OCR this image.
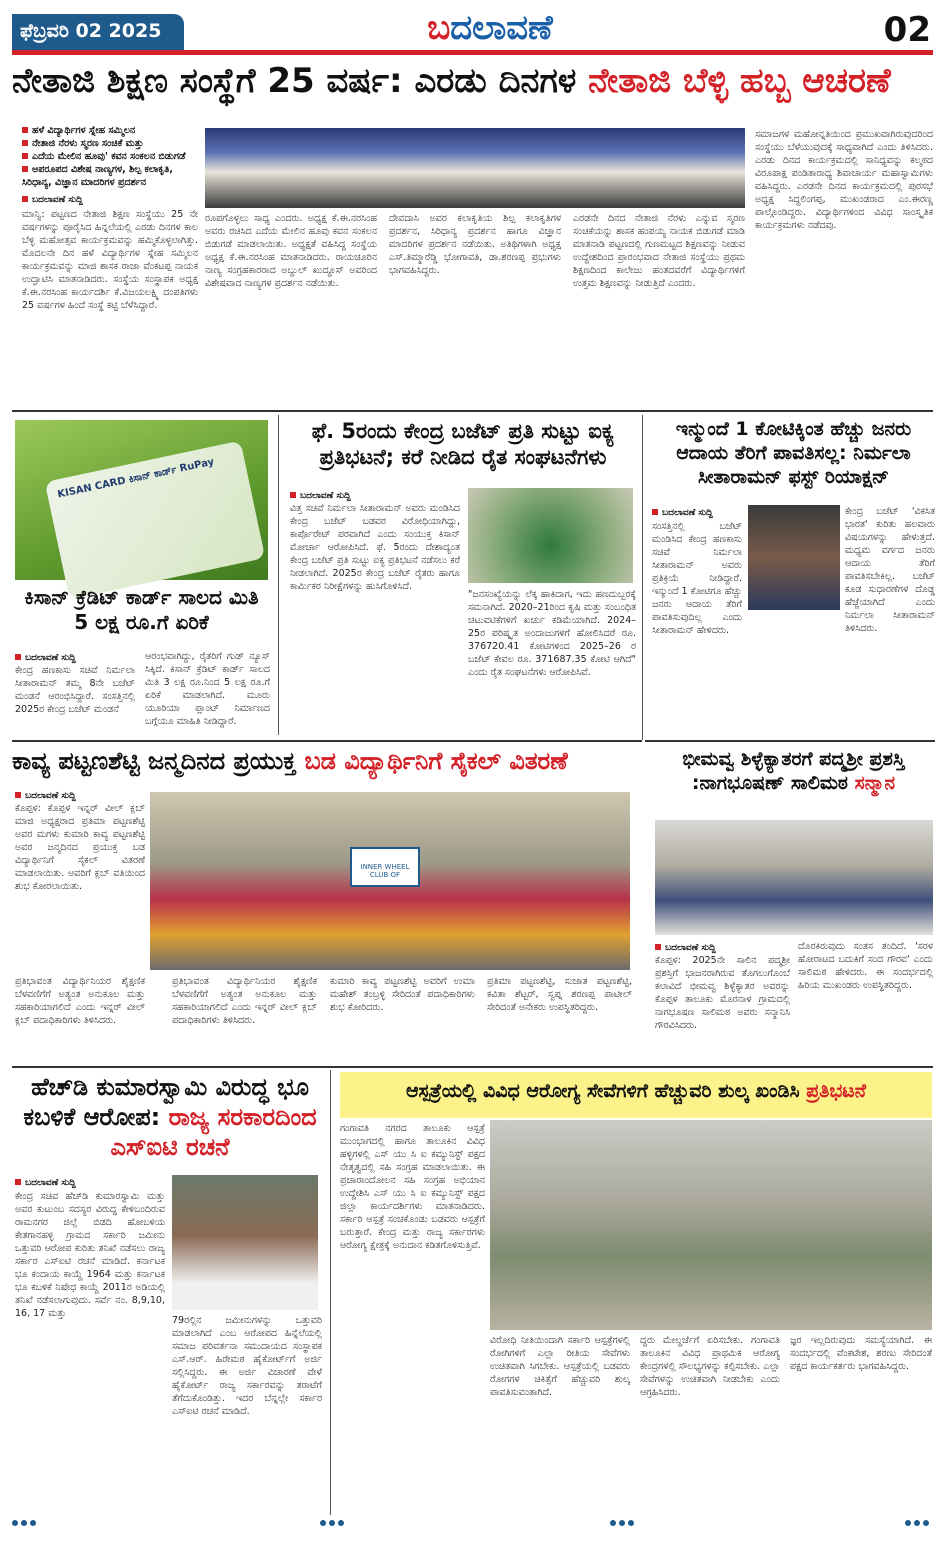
ಫೆಬ್ರವರಿ 02 2025	ಬದಲಾವಣೆ	02
ನೇತಾಜಿ ಶಿಕ್ಷಣ ಸಂಸ್ಥೆಗೆ 25 ವರ್ಷ: ಎರಡು ದಿನಗಳ ನೇತಾಜಿ ಬೆಳ್ಳಿ ಹಬ್ಬ ಆಚರಣೆ
ಹಳೆ ವಿದ್ಯಾರ್ಥಿಗಳ ಸ್ನೇಹ ಸಮ್ಮಿಲನ
ನೇತಾಜಿ ನೆರಳು ಸ್ಮರಣ ಸಂಚಿಕೆ ಮತ್ತು
ಎದೆಯ ಮೇಲಿನ ಹೂವು' ಕವನ ಸಂಕಲನ ಬಿಡುಗಡೆ
ಅಪರೂಪದ ವಿಶೇಷ ನಾಣ್ಯಗಳ, ಶಿಲ್ಪ ಕಲಾಕೃತಿ, ಸಿರಿಧಾನ್ಯ, ವಿಜ್ಞಾನ ಮಾದರಿಗಳ ಪ್ರದರ್ಶನ
ಬದಲಾವಣೆ ಸುದ್ದಿ
ಮಾನ್ವಿ: ಪಟ್ಟಣದ ನೇತಾಜಿ ಶಿಕ್ಷಣ ಸಂಸ್ಥೆಯು 25 ನೇ ವರ್ಷಗಳನ್ನು ಪೂರೈಸಿದ ಹಿನ್ನಲೆಯಲ್ಲಿ ಎರಡು ದಿನಗಳ ಕಾಲ ಬೆಳ್ಳಿ ಮಹೋತ್ಸವ ಕಾರ್ಯಕ್ರಮವನ್ನು ಹಮ್ಮಿಕೊಳ್ಳಲಾಗಿತ್ತು. ಮೊದಲನೇ ದಿನ ಹಳೆ ವಿದ್ಯಾರ್ಥಿಗಳ ಸ್ನೇಹ ಸಮ್ಮಿಲನ ಕಾರ್ಯಕ್ರಮವನ್ನು ಮಾಜಿ ಶಾಸಕ ರಾಜಾ ವೆಂಕಟಪ್ಪ ನಾಯಕ ಉದ್ಘಾಟಿಸಿ ಮಾತನಾಡಿದರು. ಸಂಸ್ಥೆಯ ಸಂಸ್ಥಾಪಕ ಅಧ್ಯಕ್ಷ ಕೆ.ಈ.ನರಸಿಂಹ ಕಾರ್ಯದರ್ಶಿ ಕೆ.ವಿಜಯಲಕ್ಷ್ಮಿ ದಂಪತಿಗಳು 25 ವರ್ಷಗಳ ಹಿಂದೆ ಸಂಸ್ಥೆ ಕಟ್ಟಿ ಬೆಳೆಸಿದ್ದಾರೆ.
ರೂಪಗೊಳ್ಳಲು ಸಾಧ್ಯ ಎಂದರು. ಅಧ್ಯಕ್ಷ ಕೆ.ಈ.ನರಸಿಂಹ ಅವರು ರಚಿಸಿದ ಎದೆಯ ಮೇಲಿನ ಹೂವು ಕವನ ಸಂಕಲನ ಬಿಡುಗಡೆ ಮಾಡಲಾಯಿತು. ಅಧ್ಯಕ್ಷತೆ ವಹಿಸಿದ್ದ ಸಂಸ್ಥೆಯ ಅಧ್ಯಕ್ಷ ಕೆ.ಈ.ನರಸಿಂಹ ಮಾತನಾಡಿದರು. ರಾಯಚೂರಿನ ನಾಣ್ಯ ಸಂಗ್ರಹಕಾರರಾದ ಅಬ್ದುಲ್ ಖುದ್ದೂಸ್ ಅವರಿಂದ ವಿಶೇಷವಾದ ನಾಣ್ಯಗಳ ಪ್ರದರ್ಶನ ನಡೆಯಿತು.
ದೇವದಾಸಿ ಅವರ ಕಲಾಕೃತಿಯ ಶಿಲ್ಪ ಕಲಾಕೃತಿಗಳ ಪ್ರದರ್ಶನ, ಸಿರಿಧಾನ್ಯ ಪ್ರದರ್ಶನ ಹಾಗೂ ವಿಜ್ಞಾನ ಮಾದರಿಗಳ ಪ್ರದರ್ಶನ ನಡೆಯಿತು. ಅತಿಥಿಗಳಾಗಿ ಅಧ್ಯಕ್ಷ ಎಸ್.ತಿಮ್ಮಾರೆಡ್ಡಿ ಭೋಗಾವತಿ, ಡಾ.ಶರಣಪ್ಪ ಪ್ರಭುಗಳು ಭಾಗವಹಿಸಿದ್ದರು.
ಎರಡನೇ ದಿನದ ನೇತಾಜಿ ನೆರಳು ಎನ್ನುವ ಸ್ಮರಣ ಸಂಚಿಕೆಯನ್ನು ಶಾಸಕ ಹಂಪಯ್ಯ ನಾಯಕ ಬಿಡುಗಡೆ ಮಾಡಿ ಮಾತನಾಡಿ ಪಟ್ಟಣದಲ್ಲಿ ಗುಣಮಟ್ಟದ ಶಿಕ್ಷಣವನ್ನು ನೀಡುವ ಉದ್ದೇಶದಿಂದ ಪ್ರಾರಂಭವಾದ ನೇತಾಜಿ ಸಂಸ್ಥೆಯು ಪ್ರಥಮ ಶಿಕ್ಷಣದಿಂದ ಕಾಲೇಜು ಹಂತದವರೆಗೆ ವಿದ್ಯಾರ್ಥಿಗಳಿಗೆ ಉತ್ತಮ ಶಿಕ್ಷಣವನ್ನು ನೀಡುತ್ತಿದೆ ಎಂದರು.
ಸಮಾಜಗಳ ಮಹೋನ್ನತಿಯಿಂದ ಪ್ರಮುಖವಾಗಿರುವುದರಿಂದ ಸಂಸ್ಥೆಯು ಬೆಳೆಯುವುದಕ್ಕೆ ಸಾಧ್ಯವಾಗಿದೆ ಎಂದು ತಿಳಿಸಿದರು. ಎರಡು ದಿನದ ಕಾರ್ಯಕ್ರಮದಲ್ಲಿ ಸಾನಿಧ್ಯವನ್ನು ಕಲ್ಮಠದ ವಿರೂಪಾಕ್ಷ ಪಂಡಿತಾರಾಧ್ಯ ಶಿವಾಚಾರ್ಯ ಮಹಾಸ್ವಾಮಿಗಳು ವಹಿಸಿದ್ದರು. ಎರಡನೇ ದಿನದ ಕಾರ್ಯಕ್ರಮದಲ್ಲಿ ಪುರಸಭೆ ಅಧ್ಯಕ್ಷ ಸಿದ್ದಲಿಂಗಪ್ಪ, ಮುಖಂಡರಾದ ಎಂ.ಈರಣ್ಣ ಪಾಲ್ಗೊಂಡಿದ್ದರು. ವಿದ್ಯಾರ್ಥಿಗಳಿಂದ ವಿವಿಧ ಸಾಂಸ್ಕೃತಿಕ ಕಾರ್ಯಕ್ರಮಗಳು ನಡೆದವು.
KISAN CARD ಕಿಸಾನ್ ಕಾರ್ಡ್ RuPay
ಕಿಸಾನ್ ಕ್ರೆಡಿಟ್ ಕಾರ್ಡ್ ಸಾಲದ ಮಿತಿ 5 ಲಕ್ಷ ರೂ.ಗೆ ಏರಿಕೆ
ಬದಲಾವಣೆ ಸುದ್ದಿ
ಕೇಂದ್ರ ಹಣಕಾಸು ಸಚಿವೆ ನಿರ್ಮಲಾ ಸೀತಾರಾಮನ್ ತಮ್ಮ 8ನೇ ಬಜೆಟ್ ಮಂಡನೆ ಆರಂಭಿಸಿದ್ದಾರೆ. ಸಂಸತ್ತಿನಲ್ಲಿ 2025ರ ಕೇಂದ್ರ ಬಜೆಟ್ ಮಂಡನೆ
ಆರಂಭವಾಗಿದ್ದು, ರೈತರಿಗೆ ಗುಡ್ ನ್ಯೂಸ್ ಸಿಕ್ಕಿದೆ. ಕಿಸಾನ್ ಕ್ರೆಡಿಟ್ ಕಾರ್ಡ್ ಸಾಲದ ಮಿತಿ 3 ಲಕ್ಷ ರೂ.ನಿಂದ 5 ಲಕ್ಷ ರೂ.ಗೆ ಏರಿಕೆ ಮಾಡಲಾಗಿದೆ. ಮೂರು ಯೂರಿಯಾ ಪ್ಲಾಂಟ್ ನಿರ್ಮಾಣದ ಬಗ್ಗೆಯೂ ಮಾಹಿತಿ ನೀಡಿದ್ದಾರೆ.
ಫೆ. 5ರಂದು ಕೇಂದ್ರ ಬಜೆಟ್ ಪ್ರತಿ ಸುಟ್ಟು ಐಕ್ಯ ಪ್ರತಿಭಟನೆ; ಕರೆ ನೀಡಿದ ರೈತ ಸಂಘಟನೆಗಳು
ಬದಲಾವಣೆ ಸುದ್ದಿ
ವಿತ್ತ ಸಚಿವೆ ನಿರ್ಮಲಾ ಸೀತಾರಾಮನ್ ಅವರು ಮಂಡಿಸಿದ ಕೇಂದ್ರ ಬಜೆಟ್ ಬಡವರ ವಿರೋಧಿಯಾಗಿದ್ದು, ಕಾರ್ಪೊರೇಟ್ ಪರವಾಗಿದೆ ಎಂದು ಸಂಯುಕ್ತ ಕಿಸಾನ್ ಮೋರ್ಚಾ ಆರೋಪಿಸಿದೆ. ಫೆ. 5ರಂದು ದೇಶಾದ್ಯಂತ ಕೇಂದ್ರ ಬಜೆಟ್ ಪ್ರತಿ ಸುಟ್ಟು ಐಕ್ಯ ಪ್ರತಿಭಟನೆ ನಡೆಸಲು ಕರೆ ನೀಡಲಾಗಿದೆ. 2025ರ ಕೇಂದ್ರ ಬಜೆಟ್ ರೈತರು ಹಾಗೂ ಕಾರ್ಮಿಕರ ನಿರೀಕ್ಷೆಗಳನ್ನು ಹುಸಿಗೊಳಿಸಿದೆ.
"ಜನಸಂಖ್ಯೆಯನ್ನು ಲೆಕ್ಕ ಹಾಕಿದಾಗ, ಇದು ಹಣದುಬ್ಬರಕ್ಕೆ ಸಮನಾಗಿದೆ. 2020–21ರಿಂದ ಕೃಷಿ ಮತ್ತು ಸಂಬಂಧಿತ ಚಟುವಟಿಕೆಗಳಿಗೆ ಖರ್ಚು ಕಡಿಮೆಯಾಗಿದೆ. 2024–25ರ ಪರಿಷ್ಕೃತ ಅಂದಾಜುಗಳಿಗೆ ಹೋಲಿಸಿದರೆ ರೂ. 376720.41 ಕೋಟಿಗಳಿಂದ 2025–26 ರ ಬಜೆಟ್ ಕೇವಲ ರೂ. 371687.35 ಕೋಟಿ ಆಗಿದೆ" ಎಂದು ರೈತ ಸಂಘಟನೆಗಳು ಆರೋಪಿಸಿವೆ.
ಇನ್ಮುಂದೆ 1 ಕೋಟಿಕ್ಕಿಂತ ಹೆಚ್ಚು ಜನರು ಆದಾಯ ತೆರಿಗೆ ಪಾವತಿಸಲ್ಲ: ನಿರ್ಮಲಾ ಸೀತಾರಾಮನ್ ಫಸ್ಟ್ ರಿಯಾಕ್ಷನ್
ಬದಲಾವಣೆ ಸುದ್ದಿ
ಸಂಸತ್ತಿನಲ್ಲಿ ಬಜೆಟ್ ಮಂಡಿಸಿದ ಕೇಂದ್ರ ಹಣಕಾಸು ಸಚಿವೆ ನಿರ್ಮಲಾ ಸೀತಾರಾಮನ್ ಅವರು ಪ್ರತಿಕ್ರಿಯೆ ನೀಡಿದ್ದಾರೆ. ಇನ್ಮುಂದೆ 1 ಕೋಟಿಗೂ ಹೆಚ್ಚು ಜನರು ಆದಾಯ ತೆರಿಗೆ ಪಾವತಿಸುವುದಿಲ್ಲ ಎಂದು ಸೀತಾರಾಮನ್ ಹೇಳಿದರು.
ಕೇಂದ್ರ ಬಜೆಟ್ 'ವಿಕಸಿತ ಭಾರತ' ಕುರಿತು ಹಲವಾರು ವಿಷಯಗಳನ್ನು ಹೇಳುತ್ತದೆ. ಮಧ್ಯಮ ವರ್ಗದ ಜನರು ಆದಾಯ ತೆರಿಗೆ ಪಾವತಿಸಬೇಕಿಲ್ಲ. ಬಜೆಟ್ ಕೂಡ ಸುಧಾರಣೆಗಳ ದೊಡ್ಡ ಹೆಜ್ಜೆಯಾಗಿದೆ ಎಂದು ನಿರ್ಮಲಾ ಸೀತಾರಾಮನ್ ತಿಳಿಸಿದರು.
ಕಾವ್ಯ ಪಟ್ಟಣಶೆಟ್ಟಿ ಜನ್ಮದಿನದ ಪ್ರಯುಕ್ತ ಬಡ ವಿದ್ಯಾರ್ಥಿನಿಗೆ ಸೈಕಲ್ ವಿತರಣೆ
ಬದಲಾವಣೆ ಸುದ್ದಿ
ಕೊಪ್ಪಳ: ಕೊಪ್ಪಳ ಇನ್ನರ್ ವೀಲ್ ಕ್ಲಬ್ ಮಾಜಿ ಅಧ್ಯಕ್ಷರಾದ ಪ್ರತಿಮಾ ಪಟ್ಟಣಶೆಟ್ಟಿ ಅವರ ಮಗಳು ಕುಮಾರಿ ಕಾವ್ಯ ಪಟ್ಟಣಶೆಟ್ಟಿ ಅವರ ಜನ್ಮದಿನದ ಪ್ರಯುಕ್ತ ಬಡ ವಿದ್ಯಾರ್ಥಿನಿಗೆ ಸೈಕಲ್ ವಿತರಣೆ ಮಾಡಲಾಯಿತು. ಅವರಿಗೆ ಕ್ಲಬ್ ವತಿಯಿಂದ ಶುಭ ಕೋರಲಾಯಿತು.
INNER WHEEL CLUB OF
ಪ್ರತಿಭಾವಂತ ವಿದ್ಯಾರ್ಥಿನಿಯರ ಶೈಕ್ಷಣಿಕ ಬೆಳವಣಿಗೆಗೆ ಅತ್ಯಂತ ಅನುಕೂಲ ಮತ್ತು ಸಹಕಾರಿಯಾಗಲಿದೆ ಎಂದು ಇನ್ನರ್ ವೀಲ್ ಕ್ಲಬ್ ಪದಾಧಿಕಾರಿಗಳು ತಿಳಿಸಿದರು.
ಪ್ರತಿಭಾವಂತ ವಿದ್ಯಾರ್ಥಿನಿಯರ ಶೈಕ್ಷಣಿಕ ಬೆಳವಣಿಗೆಗೆ ಅತ್ಯಂತ ಅನುಕೂಲ ಮತ್ತು ಸಹಕಾರಿಯಾಗಲಿದೆ ಎಂದು ಇನ್ನರ್ ವೀಲ್ ಕ್ಲಬ್ ಪದಾಧಿಕಾರಿಗಳು ತಿಳಿಸಿದರು.
ಕುಮಾರಿ ಕಾವ್ಯ ಪಟ್ಟಣಶೆಟ್ಟಿ ಅವರಿಗೆ ಉಮಾ ಮಹೇಶ್ ತಂಬ್ರಳ್ಳಿ ಸೇರಿದಂತೆ ಪದಾಧಿಕಾರಿಗಳು ಶುಭ ಕೋರಿದರು.
ಪ್ರತಿಮಾ ಪಟ್ಟಣಶೆಟ್ಟಿ, ಸುಜಾತ ಪಟ್ಟಣಶೆಟ್ಟಿ, ಕವಿತಾ ಶೆಟ್ಟರ್, ಸ್ವಪ್ನ ಶರಣಪ್ಪ ಪಾಟೀಲ್ ಸೇರಿದಂತೆ ಅನೇಕರು ಉಪಸ್ಥಿತರಿದ್ದರು.
ಭೀಮವ್ವ ಶಿಳ್ಳೆಕ್ಯಾತರಗೆ ಪದ್ಮಶ್ರೀ ಪ್ರಶಸ್ತಿ :ನಾಗಭೂಷಣ್ ಸಾಲಿಮಠ ಸನ್ಮಾನ
ಬದಲಾವಣೆ ಸುದ್ದಿ
ಕೊಪ್ಪಳ: 2025ನೇ ಸಾಲಿನ ಪದ್ಮಶ್ರೀ ಪ್ರಶಸ್ತಿಗೆ ಭಾಜನರಾಗಿರುವ ತೊಗಲುಗೊಂಬೆ ಕಲಾವಿದೆ ಭೀಮವ್ವ ಶಿಳ್ಳೆಕ್ಯಾತರ ಅವರನ್ನು ಕೊಪ್ಪಳ ತಾಲೂಕು ಮೊರನಾಳ ಗ್ರಾಮದಲ್ಲಿ ನಾಗಭೂಷಣ ಸಾಲಿಮಠ ಅವರು ಸನ್ಮಾನಿಸಿ ಗೌರವಿಸಿದರು.
ದೊರಕಿರುವುದು ಸಂತಸ ತಂದಿದೆ. 'ಸರಳ ಹೋರಾಟದ ಬದುಕಿಗೆ ಸಂದ ಗೌರವ' ಎಂದು ಸಾಲಿಮಠ ಹೇಳಿದರು. ಈ ಸಂದರ್ಭದಲ್ಲಿ ಹಿರಿಯ ಮುಖಂಡರು ಉಪಸ್ಥಿತರಿದ್ದರು.
ಹೆಚ್‌ಡಿ ಕುಮಾರಸ್ವಾಮಿ ವಿರುದ್ಧ ಭೂ ಕಬಳಿಕೆ ಆರೋಪ: ರಾಜ್ಯ ಸರಕಾರದಿಂದ ಎಸ್‌ಐಟಿ ರಚನೆ
ಬದಲಾವಣೆ ಸುದ್ದಿ
ಕೇಂದ್ರ ಸಚಿವ ಹೆಚ್‌ಡಿ ಕುಮಾರಸ್ವಾಮಿ ಮತ್ತು ಅವರ ಕುಟುಂಬ ಸದಸ್ಯರ ವಿರುದ್ಧ ಕೇಳಿಬಂದಿರುವ ರಾಮನಗರ ಜಿಲ್ಲೆ ಬಿಡದಿ ಹೋಬಳಿಯ ಕೇತಗಾನಹಳ್ಳಿ ಗ್ರಾಮದ ಸರ್ಕಾರಿ ಜಮೀನು ಒತ್ತುವರಿ ಆರೋಪ ಕುರಿತು ತನಿಖೆ ನಡೆಸಲು ರಾಜ್ಯ ಸರ್ಕಾರ ಎಸ್‌ಐಟಿ ರಚನೆ ಮಾಡಿದೆ. ಕರ್ನಾಟಕ ಭೂ ಕಂದಾಯ ಕಾಯ್ದೆ 1964 ಮತ್ತು ಕರ್ನಾಟಕ ಭೂ ಕಬಳಿಕೆ ನಿಷೇಧ ಕಾಯ್ದೆ 2011ರ ಅಡಿಯಲ್ಲಿ ತನಿಖೆ ನಡೆಸಲಾಗುವುದು. ಸರ್ವೆ ನಂ. 8,9,10, 16, 17 ಮತ್ತು
79ರಲ್ಲಿನ ಜಮೀನುಗಳನ್ನು ಒತ್ತುವರಿ ಮಾಡಲಾಗಿದೆ ಎಂಬ ಆರೋಪದ ಹಿನ್ನೆಲೆಯಲ್ಲಿ ಸಮಾಜ ಪರಿವರ್ತನಾ ಸಮುದಾಯದ ಸಂಸ್ಥಾಪಕ ಎಸ್.ಆರ್. ಹಿರೇಮಠ ಹೈಕೋರ್ಟ್‌ಗೆ ಅರ್ಜಿ ಸಲ್ಲಿಸಿದ್ದರು. ಈ ಅರ್ಜಿ ವಿಚಾರಣೆ ವೇಳೆ ಹೈಕೋರ್ಟ್ ರಾಜ್ಯ ಸರ್ಕಾರವನ್ನು ತರಾಟೆಗೆ ತೆಗೆದುಕೊಂಡಿತ್ತು. ಇದರ ಬೆನ್ನಲ್ಲೇ ಸರ್ಕಾರ ಎಸ್‌ಐಟಿ ರಚನೆ ಮಾಡಿದೆ.
ಆಸ್ಪತ್ರೆಯಲ್ಲಿ ವಿವಿಧ ಆರೋಗ್ಯ ಸೇವೆಗಳಿಗೆ ಹೆಚ್ಚುವರಿ ಶುಲ್ಕ ಖಂಡಿಸಿ ಪ್ರತಿಭಟನೆ
ಗಂಗಾವತಿ ನಗರದ ತಾಲೂಕು ಆಸ್ಪತ್ರೆ ಮುಂಭಾಗದಲ್ಲಿ ಹಾಗೂ ತಾಲೂಕಿನ ವಿವಿಧ ಹಳ್ಳಿಗಳಲ್ಲಿ ಎಸ್ ಯು ಸಿ ಐ ಕಮ್ಯುನಿಸ್ಟ್ ಪಕ್ಷದ ನೇತೃತ್ವದಲ್ಲಿ ಸಹಿ ಸಂಗ್ರಹ ಮಾಡಲಾಯಿತು. ಈ ಪ್ರಚಾರಾಂದೋಲನ ಸಹಿ ಸಂಗ್ರಹ ಅಭಿಯಾನ ಉದ್ದೇಶಿಸಿ ಎಸ್ ಯು ಸಿ ಐ ಕಮ್ಯುನಿಸ್ಟ್ ಪಕ್ಷದ ಜಿಲ್ಲಾ ಕಾರ್ಯದರ್ಶಿಗಳು ಮಾತನಾಡಿದರು. ಸರ್ಕಾರಿ ಆಸ್ಪತ್ರೆ ಸಂಚಕೊಂಡು ಬಡವರು ಆಸ್ಪತ್ರೆಗೆ ಬರುತ್ತಾರೆ. ಕೇಂದ್ರ ಮತ್ತು ರಾಜ್ಯ ಸರ್ಕಾರಗಳು ಆರೋಗ್ಯ ಕ್ಷೇತ್ರಕ್ಕೆ ಅನುದಾನ ಕಡಿತಗೊಳಿಸುತ್ತಿವೆ.
ವಿರೋಧಿ ನೀತಿಯಿಂದಾಗಿ ಸರ್ಕಾರಿ ಆಸ್ಪತ್ರೆಗಳಲ್ಲಿ ರೋಗಿಗಳಿಗೆ ಎಲ್ಲಾ ರೀತಿಯ ಸೇವೆಗಳು ಉಚಿತವಾಗಿ ಸಿಗಬೇಕು. ಆಸ್ಪತ್ರೆಯಲ್ಲಿ ಬಡವರು ರೋಗಗಳ ಚಿಕಿತ್ಸೆಗೆ ಹೆಚ್ಚುವರಿ ಶುಲ್ಕ ಪಾವತಿಸುವಂತಾಗಿದೆ.
ದ್ದರು ಮೇಲ್ದರ್ಜೆಗೆ ಏರಿಸಬೇಕು. ಗಂಗಾವತಿ ತಾಲೂಕಿನ ವಿವಿಧ ಪ್ರಾಥಮಿಕ ಆರೋಗ್ಯ ಕೇಂದ್ರಗಳಲ್ಲಿ ಸೌಲಭ್ಯಗಳನ್ನು ಕಲ್ಪಿಸಬೇಕು. ಎಲ್ಲಾ ಸೇವೆಗಳನ್ನು ಉಚಿತವಾಗಿ ನೀಡಬೇಕು ಎಂದು ಆಗ್ರಹಿಸಿದರು.
ಜ್ಞರ ಇಲ್ಲದಿರುವುದು ಸಮಸ್ಯೆಯಾಗಿದೆ. ಈ ಸಂದರ್ಭದಲ್ಲಿ ವೆಂಕಟೇಶ, ಶರಣು ಸೇರಿದಂತೆ ಪಕ್ಷದ ಕಾರ್ಯಕರ್ತರು ಭಾಗವಹಿಸಿದ್ದರು.
